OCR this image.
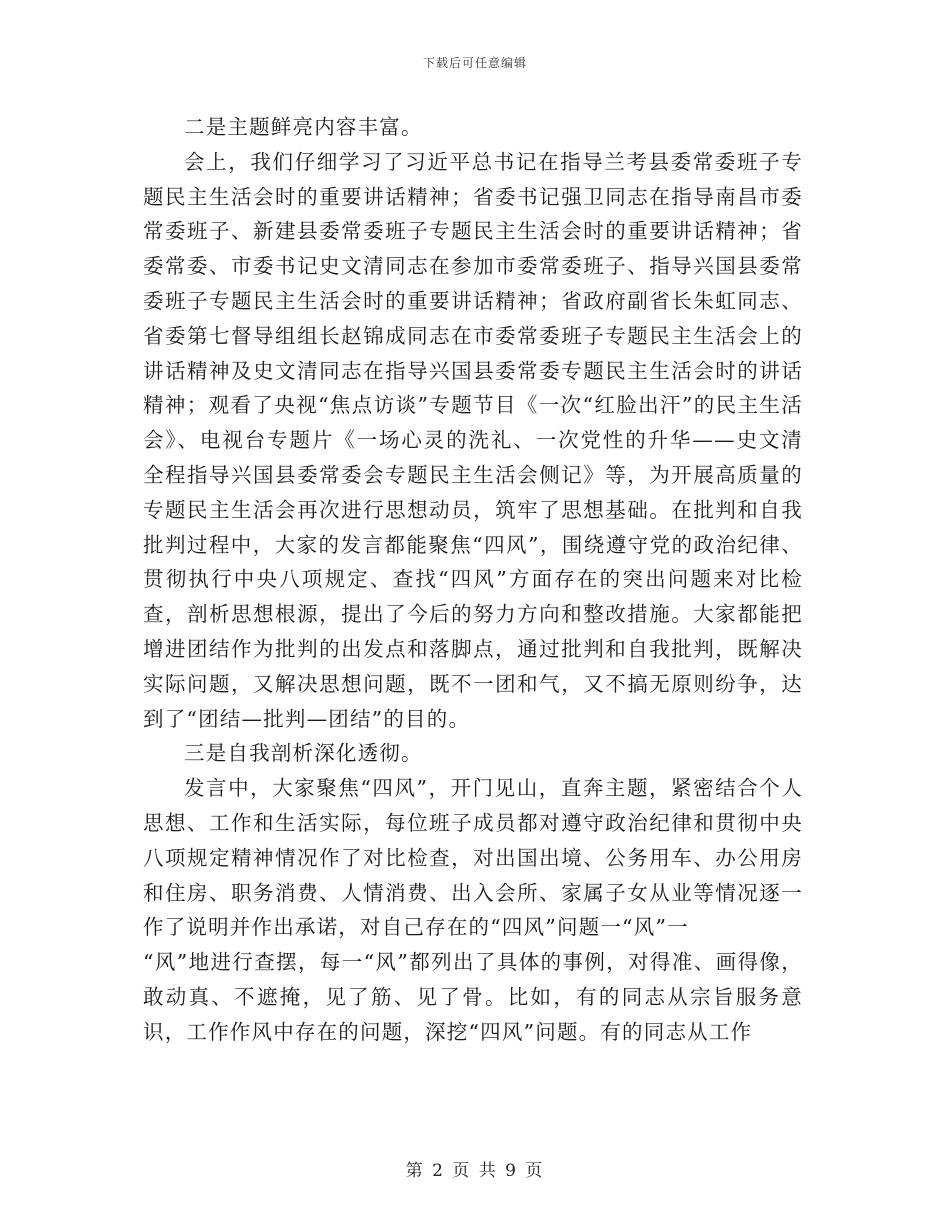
下载后可任意编辑

二是主题鲜亮内容丰富。

会上，我们仔细学习了习近平总书记在指导兰考县委常委班子专题民主生活会时的重要讲话精神；省委书记强卫同志在指导南昌市委常委班子、新建县委常委班子专题民主生活会时的重要讲话精神；省委常委、市委书记史文清同志在参加市委常委班子、指导兴国县委常委班子专题民主生活会时的重要讲话精神；省政府副省长朱虹同志、省委第七督导组组长赵锦成同志在市委常委班子专题民主生活会上的讲话精神及史文清同志在指导兴国县委常委专题民主生活会时的讲话精神；观看了央视“焦点访谈”专题节目《一次“红脸出汗”的民主生活会》、电视台专题片《一场心灵的洗礼、一次党性的升华——史文清全程指导兴国县委常委会专题民主生活会侧记》等，为开展高质量的专题民主生活会再次进行思想动员，筑牢了思想基础。在批判和自我批判过程中，大家的发言都能聚焦“四风”，围绕遵守党的政治纪律、贯彻执行中央八项规定、查找“四风”方面存在的突出问题来对比检查，剖析思想根源，提出了今后的努力方向和整改措施。大家都能把增进团结作为批判的出发点和落脚点，通过批判和自我批判，既解决实际问题，又解决思想问题，既不一团和气，又不搞无原则纷争，达到了“团结—批判—团结”的目的。

三是自我剖析深化透彻。

发言中，大家聚焦“四风”，开门见山，直奔主题，紧密结合个人思想、工作和生活实际，每位班子成员都对遵守政治纪律和贯彻中央八项规定精神情况作了对比检查，对出国出境、公务用车、办公用房和住房、职务消费、人情消费、出入会所、家属子女从业等情况逐一作了说明并作出承诺，对自己存在的“四风”问题一“风”一

“风”地进行查摆，每一“风”都列出了具体的事例，对得准、画得像，敢动真、不遮掩，见了筋、见了骨。比如，有的同志从宗旨服务意识，工作作风中存在的问题，深挖“四风”问题。有的同志从工作

第 2 页 共 9 页
